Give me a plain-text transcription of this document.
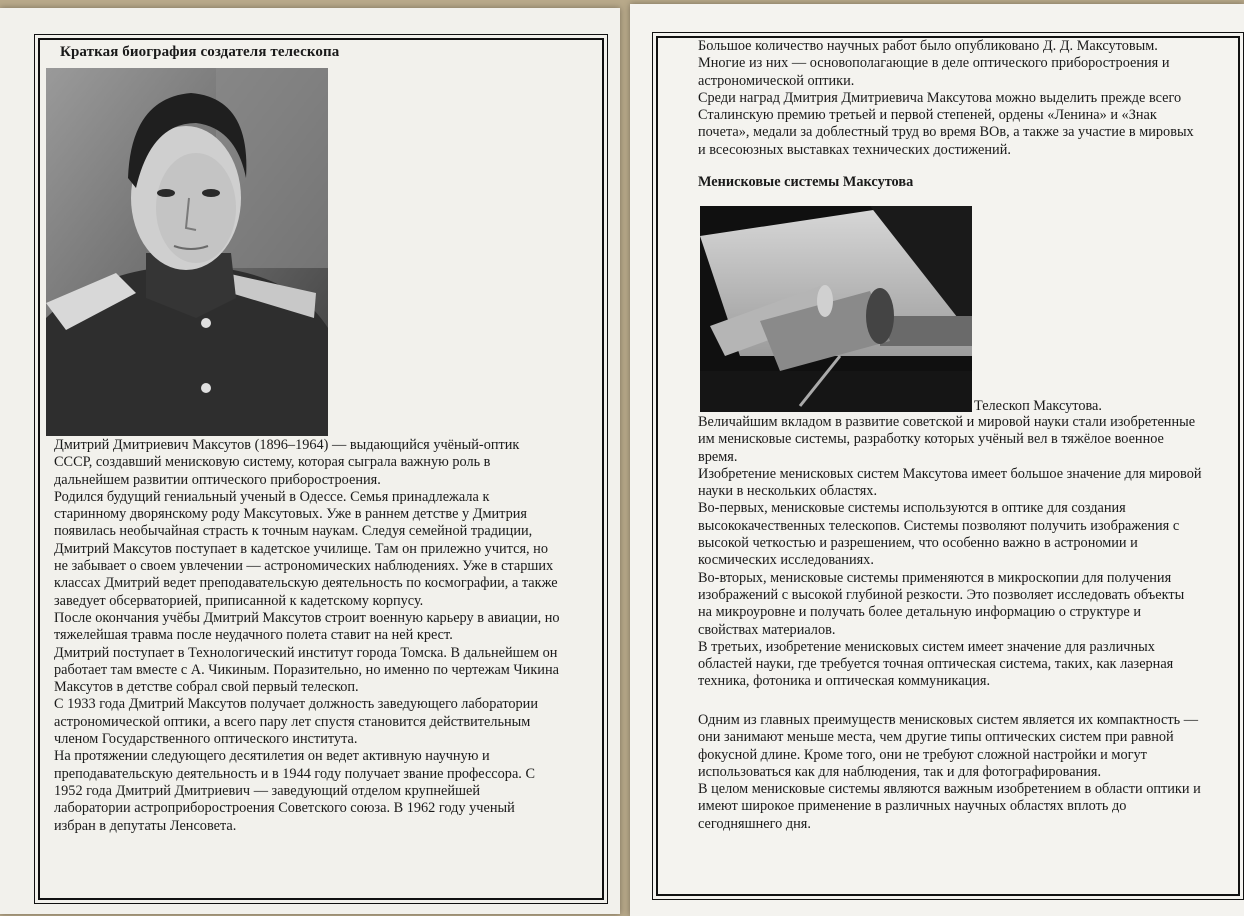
Краткая биография создателя телескопа
Дмитрий Дмитриевич Максутов (1896–1964) — выдающийся учёный-оптик
СССР, создавший менисковую систему, которая сыграла важную роль в
дальнейшем развитии оптического приборостроения.
Родился будущий гениальный ученый в Одессе. Семья принадлежала к
старинному дворянскому роду Максутовых. Уже в раннем детстве у Дмитрия
появилась необычайная страсть к точным наукам. Следуя семейной традиции,
Дмитрий Максутов поступает в кадетское училище. Там он прилежно учится, но
не забывает о своем увлечении — астрономических наблюдениях. Уже в старших
классах Дмитрий ведет преподавательскую деятельность по космографии, а также
заведует обсерваторией, приписанной к кадетскому корпусу.
После окончания учёбы Дмитрий Максутов строит военную карьеру в авиации, но
тяжелейшая травма после неудачного полета ставит на ней крест.
Дмитрий поступает в Технологический институт города Томска. В дальнейшем он
работает там вместе с А. Чикиным. Поразительно, но именно по чертежам Чикина
Максутов в детстве собрал свой первый телескоп.
С 1933 года Дмитрий Максутов получает должность заведующего лаборатории
астрономической оптики, а всего пару лет спустя становится действительным
членом Государственного оптического института.
На протяжении следующего десятилетия он ведет активную научную и
преподавательскую деятельность и в 1944 году получает звание профессора. С
1952 года Дмитрий Дмитриевич — заведующий отделом крупнейшей
лаборатории астроприборостроения Советского союза. В 1962 году ученый
избран в депутаты Ленсовета.
Большое количество научных работ было опубликовано Д. Д. Максутовым.
Многие из них — основополагающие в деле оптического приборостроения и
астрономической оптики.
Среди наград Дмитрия Дмитриевича Максутова можно выделить прежде всего
Сталинскую премию третьей и первой степеней, ордены «Ленина» и «Знак
почета», медали за доблестный труд во время ВОв, а также за участие в мировых
и всесоюзных выставках технических достижений.
Менисковые системы Максутова
Телескоп Максутова.
Величайшим вкладом в развитие советской и мировой науки стали изобретенные
им менисковые системы, разработку которых учёный вел в тяжёлое военное
время.
Изобретение менисковых систем Максутова имеет большое значение для мировой
науки в нескольких областях.
Во-первых, менисковые системы используются в оптике для создания
высококачественных телескопов. Системы позволяют получить изображения с
высокой четкостью и разрешением, что особенно важно в астрономии и
космических исследованиях.
Во-вторых, менисковые системы применяются в микроскопии для получения
изображений с высокой глубиной резкости. Это позволяет исследовать объекты
на микроуровне и получать более детальную информацию о структуре и
свойствах материалов.
В третьих, изобретение менисковых систем имеет значение для различных
областей науки, где требуется точная оптическая система, таких, как лазерная
техника, фотоника и оптическая коммуникация.
Одним из главных преимуществ менисковых систем является их компактность —
они занимают меньше места, чем другие типы оптических систем при равной
фокусной длине. Кроме того, они не требуют сложной настройки и могут
использоваться как для наблюдения, так и для фотографирования.
В целом менисковые системы являются важным изобретением в области оптики и
имеют широкое применение в различных научных областях вплоть до
сегодняшнего дня.
